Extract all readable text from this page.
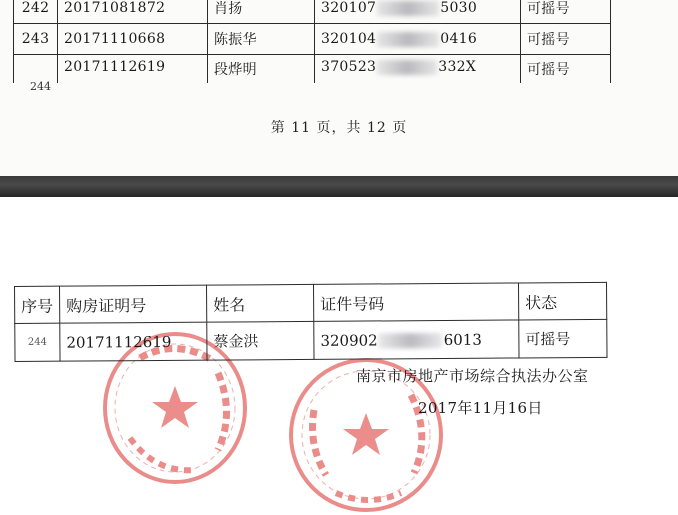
242	20171081872	肖扬	320107 5030	可摇号
243	20171110668	陈振华	320104 0416	可摇号
	20171112619	段烨明	370523 332X	可摇号
244
第 11 页，共 12 页
序号	购房证明号	姓名	证件号码	状态

244	20171112619	蔡金洪	320902 6013	可摇号
南京市房地产市场综合执法办公室
2017年11月16日
